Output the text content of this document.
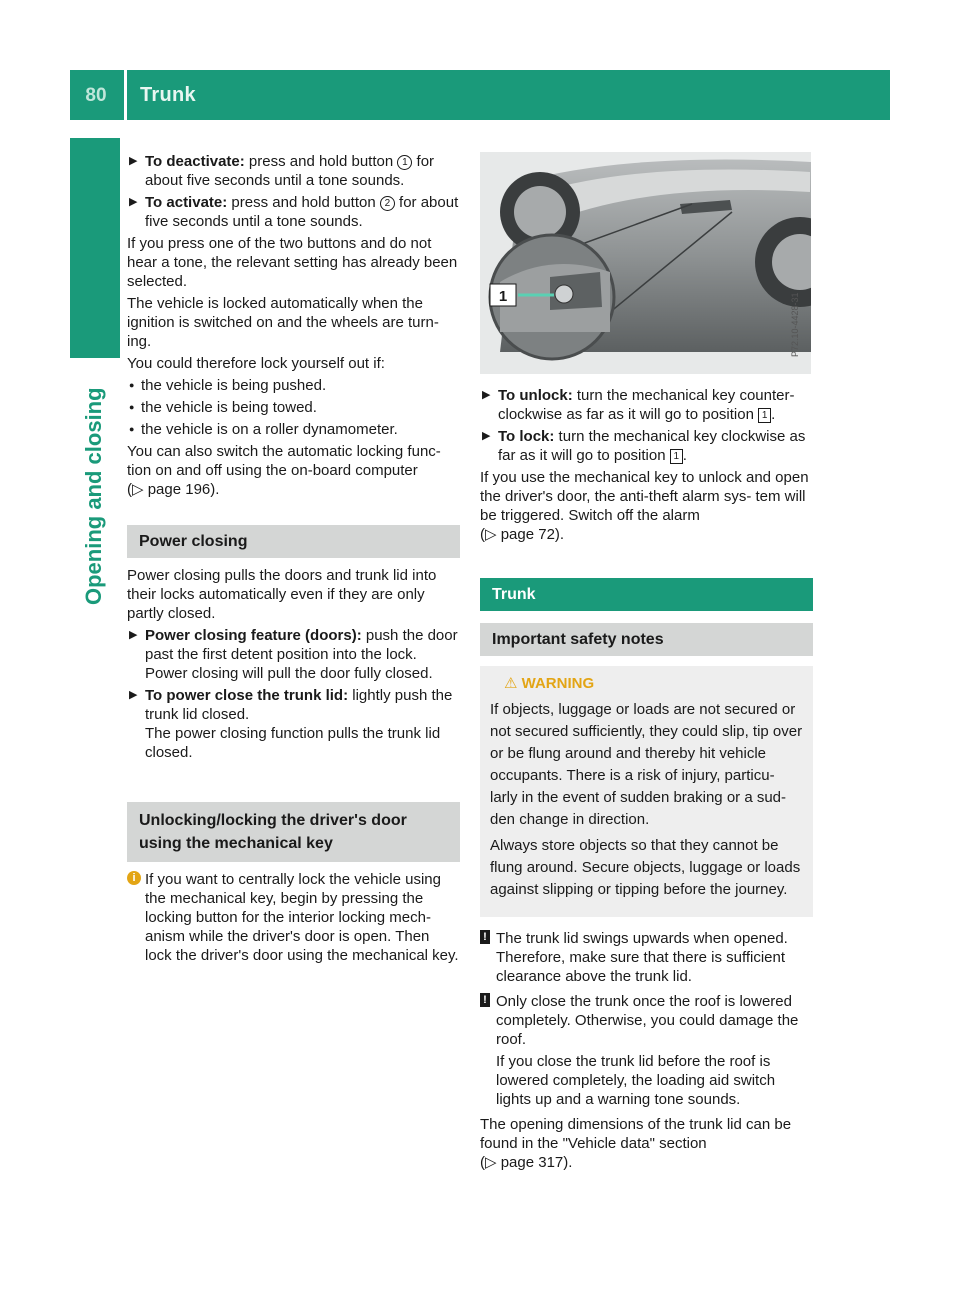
80	Trunk
Opening and closing
▶ To deactivate: press and hold button 1 for about five seconds until a tone sounds.
▶ To activate: press and hold button 2 for about five seconds until a tone sounds.

If you press one of the two buttons and do not hear a tone, the relevant setting has already been selected.

The vehicle is locked automatically when the ignition is switched on and the wheels are turn- ing.

You could therefore lock yourself out if:

● the vehicle is being pushed.
● the vehicle is being towed.
● the vehicle is on a roller dynamometer.

You can also switch the automatic locking func- tion on and off using the on-board computer
(▷ page 196).

Power closing

Power closing pulls the doors and trunk lid into their locks automatically even if they are only partly closed.

▶ Power closing feature (doors): push the door past the first detent position into the lock.
Power closing will pull the door fully closed.
▶ To power close the trunk lid: lightly push the trunk lid closed.
The power closing function pulls the trunk lid closed.
Unlocking/locking the driver's door
using the mechanical key
i If you want to centrally lock the vehicle using the mechanical key, begin by pressing the locking button for the interior locking mech- anism while the driver's door is open. Then lock the driver's door using the mechanical key.
1	P72.10-4428-31
▶ To unlock: turn the mechanical key counter- clockwise as far as it will go to position 1 .
▶ To lock: turn the mechanical key clockwise as far as it will go to position 1 .

If you use the mechanical key to unlock and open the driver's door, the anti-theft alarm sys- tem will be triggered. Switch off the alarm
(▷ page 72).

Trunk
Important safety notes
⚠ WARNING

If objects, luggage or loads are not secured or not secured sufficiently, they could slip, tip over or be flung around and thereby hit vehicle occupants. There is a risk of injury, particu- larly in the event of sudden braking or a sud- den change in direction.

Always store objects so that they cannot be flung around. Secure objects, luggage or loads against slipping or tipping before the journey.

! The trunk lid swings upwards when opened. Therefore, make sure that there is sufficient clearance above the trunk lid.
! Only close the trunk once the roof is lowered completely. Otherwise, you could damage the roof.
If you close the trunk lid before the roof is lowered completely, the loading aid switch lights up and a warning tone sounds.

The opening dimensions of the trunk lid can be found in the "Vehicle data" section
(▷ page 317).
